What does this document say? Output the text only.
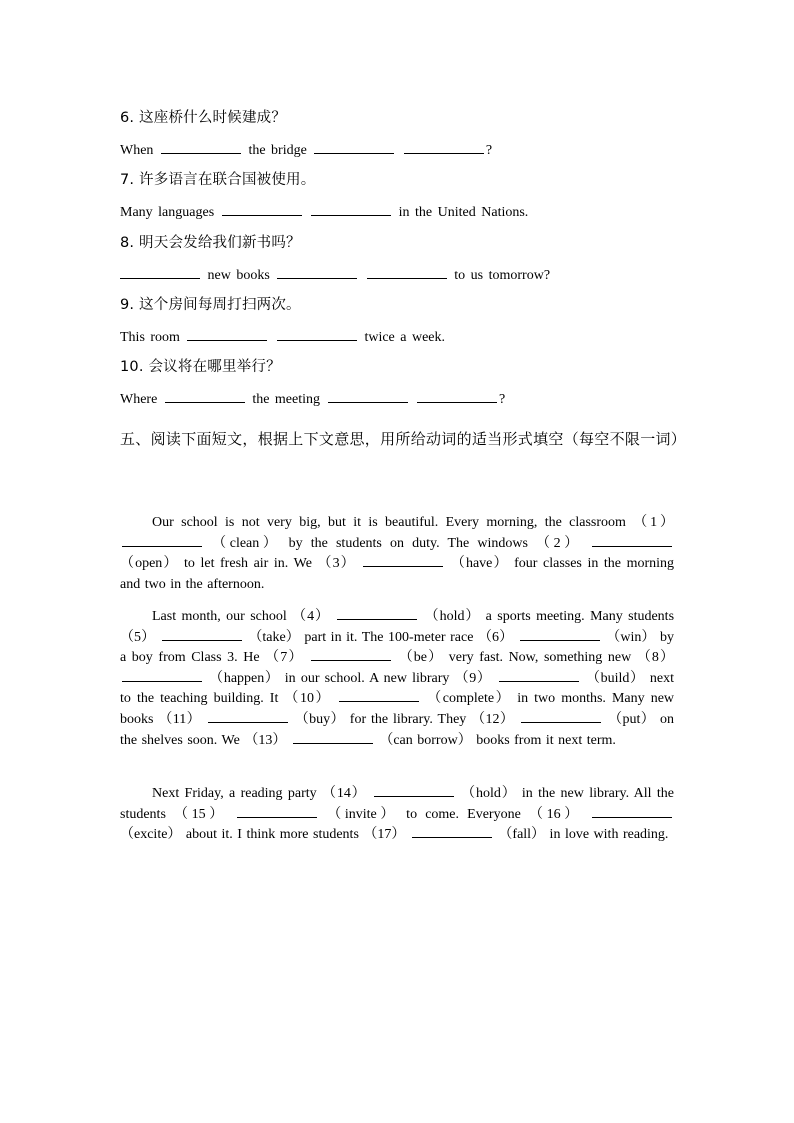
6. 这座桥什么时候建成？
When	the bridge	?
7. 许多语言在联合国被使用。
Many languages	in the United Nations.
8. 明天会发给我们新书吗？
new books	to us tomorrow?
9. 这个房间每周打扫两次。
This room	twice a week.
10. 会议将在哪里举行？
Where	the meeting	?
五、阅读下面短文，根据上下文意思，用所给动词的适当形式填空（每空不限一词）
Our school is not very big, but it is beautiful. Every morning, the classroom （1）  （clean） by the students on duty. The windows （2）  （open） to let fresh air in. We （3）	（have） four classes in the morning and two in the afternoon.
Last month, our school （4）	（hold） a sports meeting. Many students （5）	（take） part in it. The 100-meter race （6）	（win） by a boy from Class 3. He （7）	（be） very fast. Now, something new （8）  （happen） in our school. A new library （9）	（build） next to the teaching building. It （10）	（complete） in two months. Many new books （11）	（buy） for the library. They （12）	（put） on the shelves soon. We （13）	（can borrow） books from it next term.
Next Friday, a reading party （14）	（hold） in the new library. All the students （15）	（invite） to come. Everyone （16）  （excite） about it. I think more students （17）	（fall） in love with reading.
